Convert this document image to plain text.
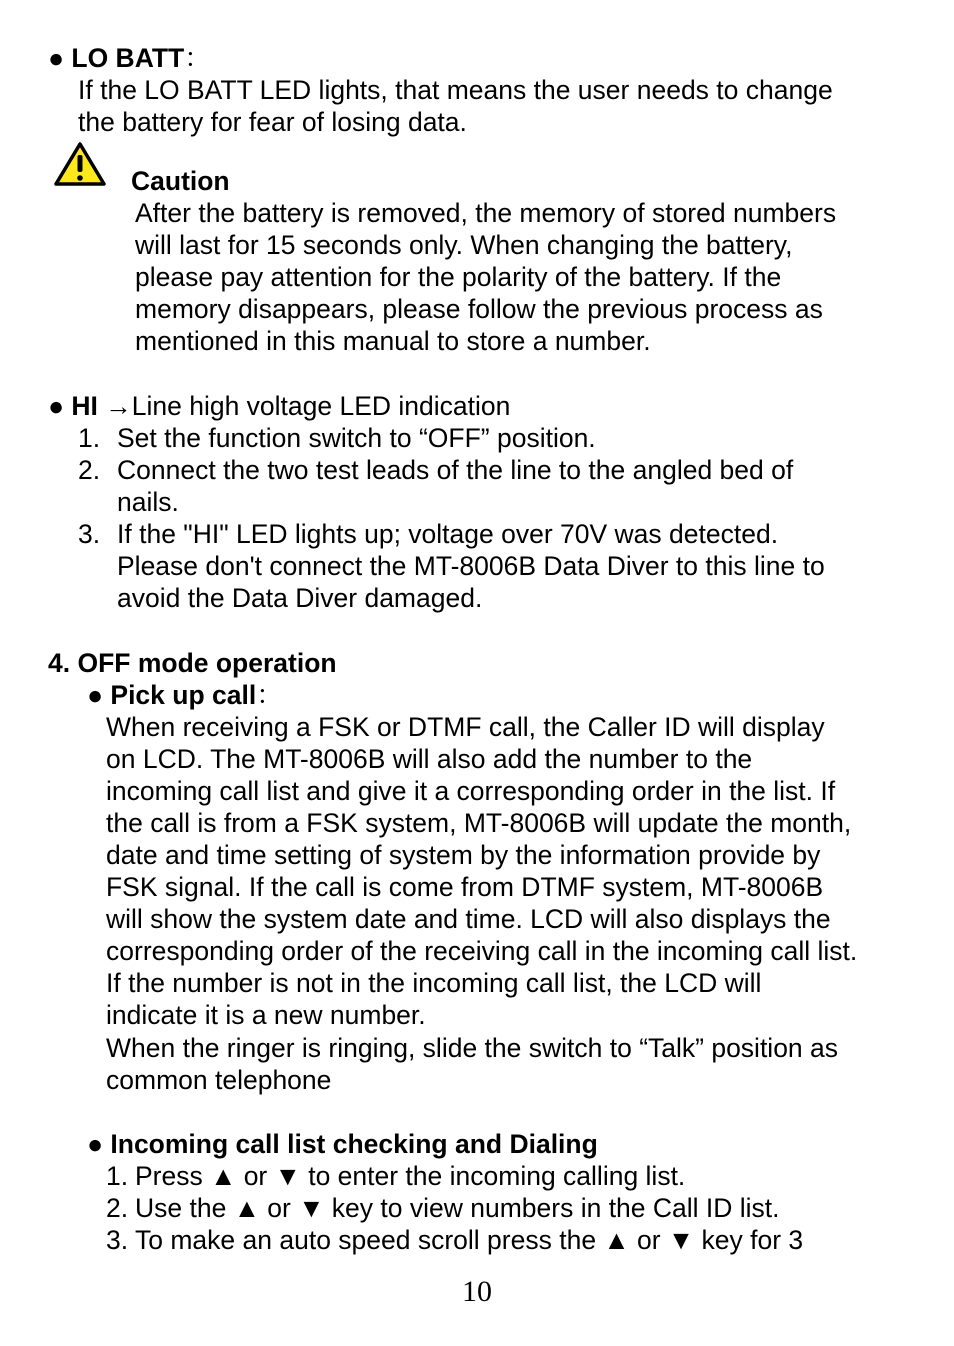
● LO BATT：
If the LO BATT LED lights, that means the user needs to change
the battery for fear of losing data.
Caution
After the battery is removed, the memory of stored numbers
will last for 15 seconds only. When changing the battery,
please pay attention for the polarity of the battery. If the
memory disappears, please follow the previous process as
mentioned in this manual to store a number.
● HI →Line high voltage LED indication
1. Set the function switch to “OFF” position.
2. Connect the two test leads of the line to the angled bed of
nails.
3. If the "HI" LED lights up; voltage over 70V was detected.
Please don't connect the MT-8006B Data Diver to this line to
avoid the Data Diver damaged.
4. OFF mode operation
● Pick up call：
When receiving a FSK or DTMF call, the Caller ID will display
on LCD. The MT-8006B will also add the number to the
incoming call list and give it a corresponding order in the list. If
the call is from a FSK system, MT-8006B will update the month,
date and time setting of system by the information provide by
FSK signal. If the call is come from DTMF system, MT-8006B
will show the system date and time. LCD will also displays the
corresponding order of the receiving call in the incoming call list.
If the number is not in the incoming call list, the LCD will
indicate it is a new number.
When the ringer is ringing, slide the switch to “Talk” position as
common telephone
● Incoming call list checking and Dialing
1. Press ▲ or ▼ to enter the incoming calling list.
2. Use the ▲ or ▼ key to view numbers in the Call ID list.
3. To make an auto speed scroll press the ▲ or ▼ key for 3
10
